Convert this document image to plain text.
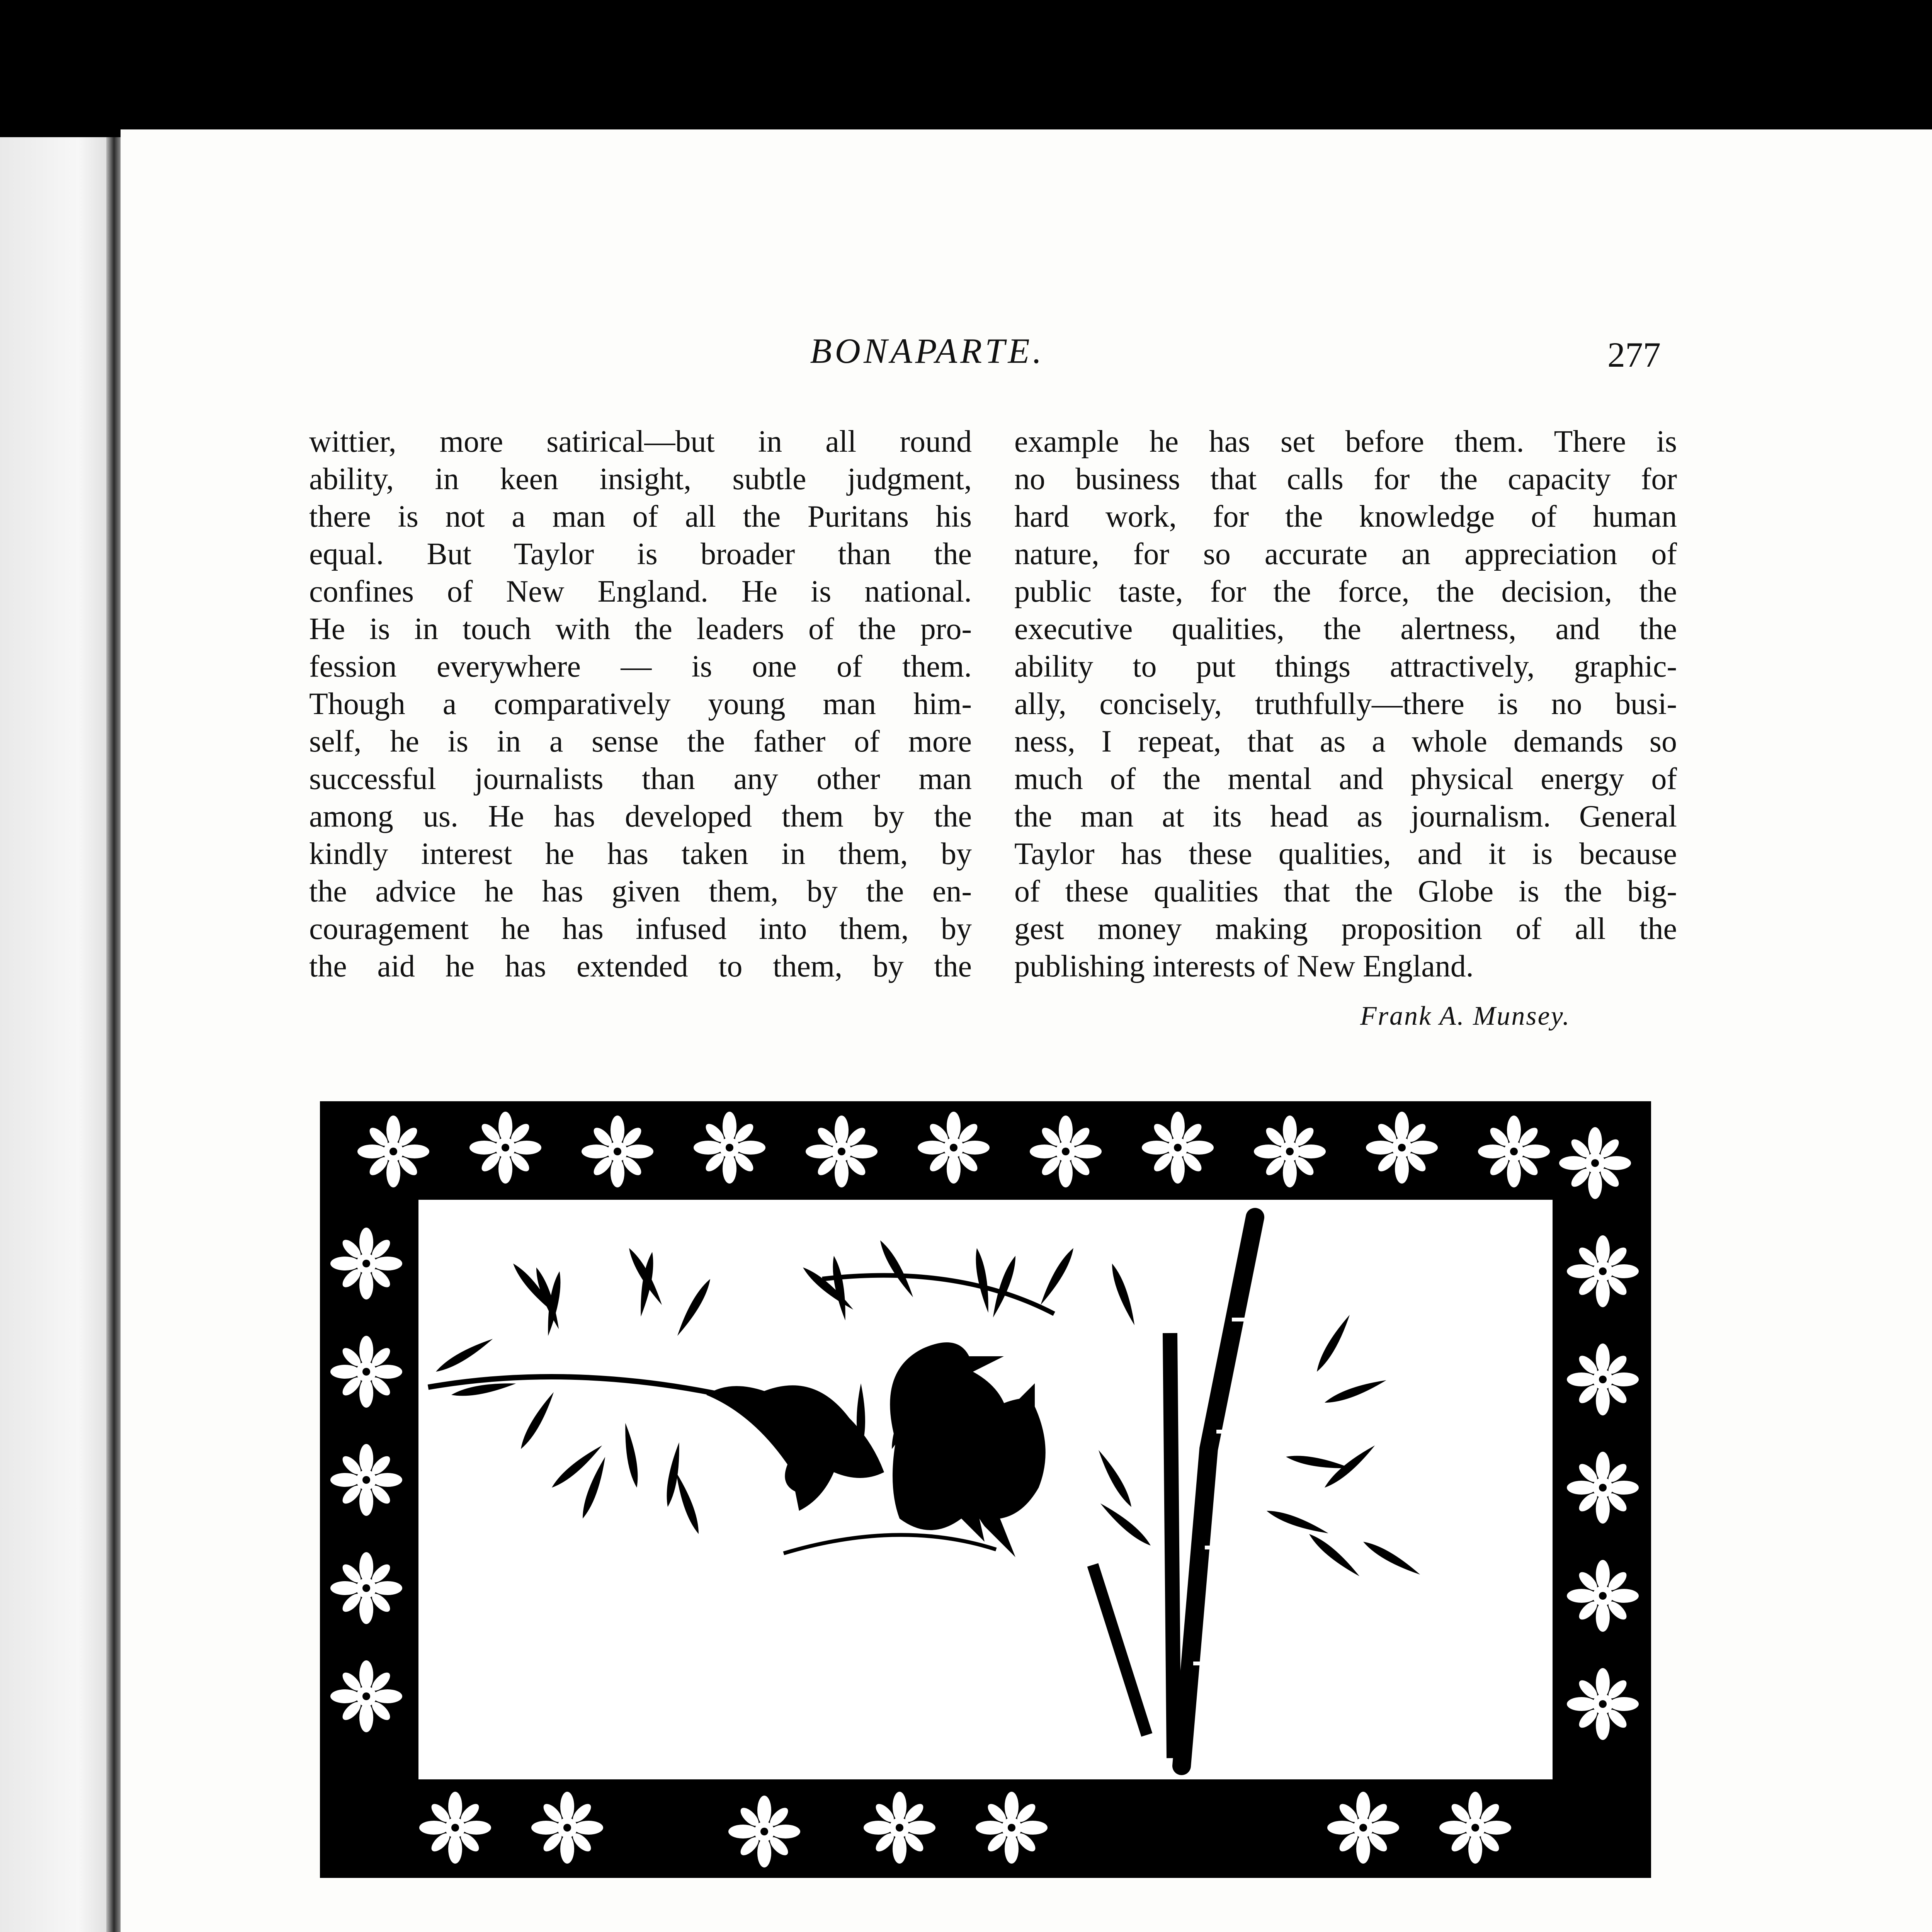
BONAPARTE.	277
wittier, more satirical—but in all round
ability, in keen insight, subtle judgment,
there is not a man of all the Puritans his
equal. But Taylor is broader than the
confines of New England. He is national.
He is in touch with the leaders of the pro-
fession everywhere — is one of them.
Though a comparatively young man him-
self, he is in a sense the father of more
successful journalists than any other man
among us. He has developed them by the
kindly interest he has taken in them, by
the advice he has given them, by the en-
couragement he has infused into them, by
the aid he has extended to them, by the
example he has set before them. There is
no business that calls for the capacity for
hard work, for the knowledge of human
nature, for so accurate an appreciation of
public taste, for the force, the decision, the
executive qualities, the alertness, and the
ability to put things attractively, graphic-
ally, concisely, truthfully—there is no busi-
ness, I repeat, that as a whole demands so
much of the mental and physical energy of
the man at its head as journalism. General
Taylor has these qualities, and it is because
of these qualities that the Globe is the big-
gest money making proposition of all the
publishing interests of New England.
Frank A. Munsey.
